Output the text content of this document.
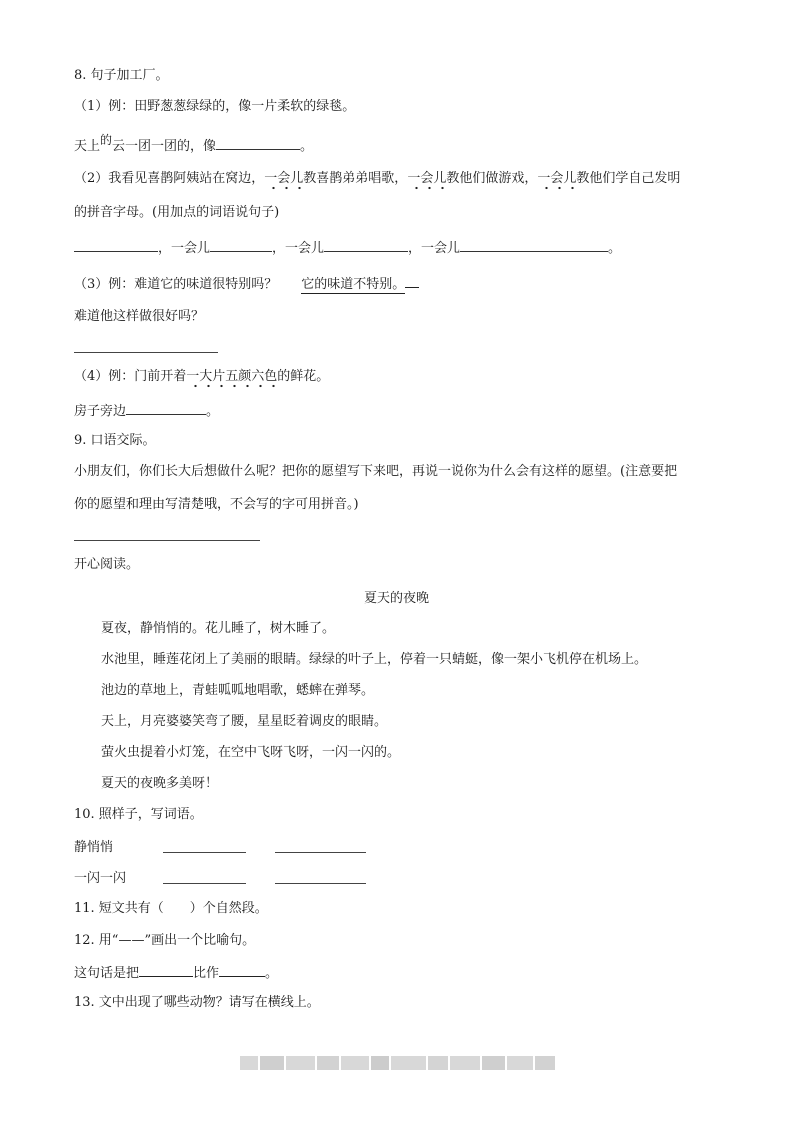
8. 句子加工厂。
（1）例：田野葱葱绿绿的，像一片柔软的绿毯。
天上的云一团一团的，像	。
（2）我看见喜鹊阿姨站在窝边，一会儿
教喜鹊弟弟唱歌，一会儿
教他们做游戏，一会儿
教他们学自己发明
的拼音字母。(用加点的词语说句子)
，一会儿	，一会儿	，一会儿	。
（3）例：难道它的味道很特别吗？ 它的味道不特别。
难道他这样做很好吗？
（4）例：门前开着一大片五颜六色
的鲜花。
房子旁边	。
9. 口语交际。
小朋友们，你们长大后想做什么呢？把你的愿望写下来吧，再说一说你为什么会有这样的愿望。(注意要把
你的愿望和理由写清楚哦，不会写的字可用拼音。)
开心阅读。
夏天的夜晚
夏夜，静悄悄的。花儿睡了，树木睡了。
水池里，睡莲花闭上了美丽的眼睛。绿绿的叶子上，停着一只蜻蜓，像一架小飞机停在机场上。
池边的草地上，青蛙呱呱地唱歌，蟋蟀在弹琴。
天上，月亮婆婆笑弯了腰，星星眨着调皮的眼睛。
萤火虫提着小灯笼，在空中飞呀飞呀，一闪一闪的。
夏天的夜晚多美呀！
10. 照样子，写词语。
静悄悄
一闪一闪
11. 短文共有（　　）个自然段。
12. 用“——”画出一个比喻句。
这句话是把	比作	。
13. 文中出现了哪些动物？请写在横线上。
